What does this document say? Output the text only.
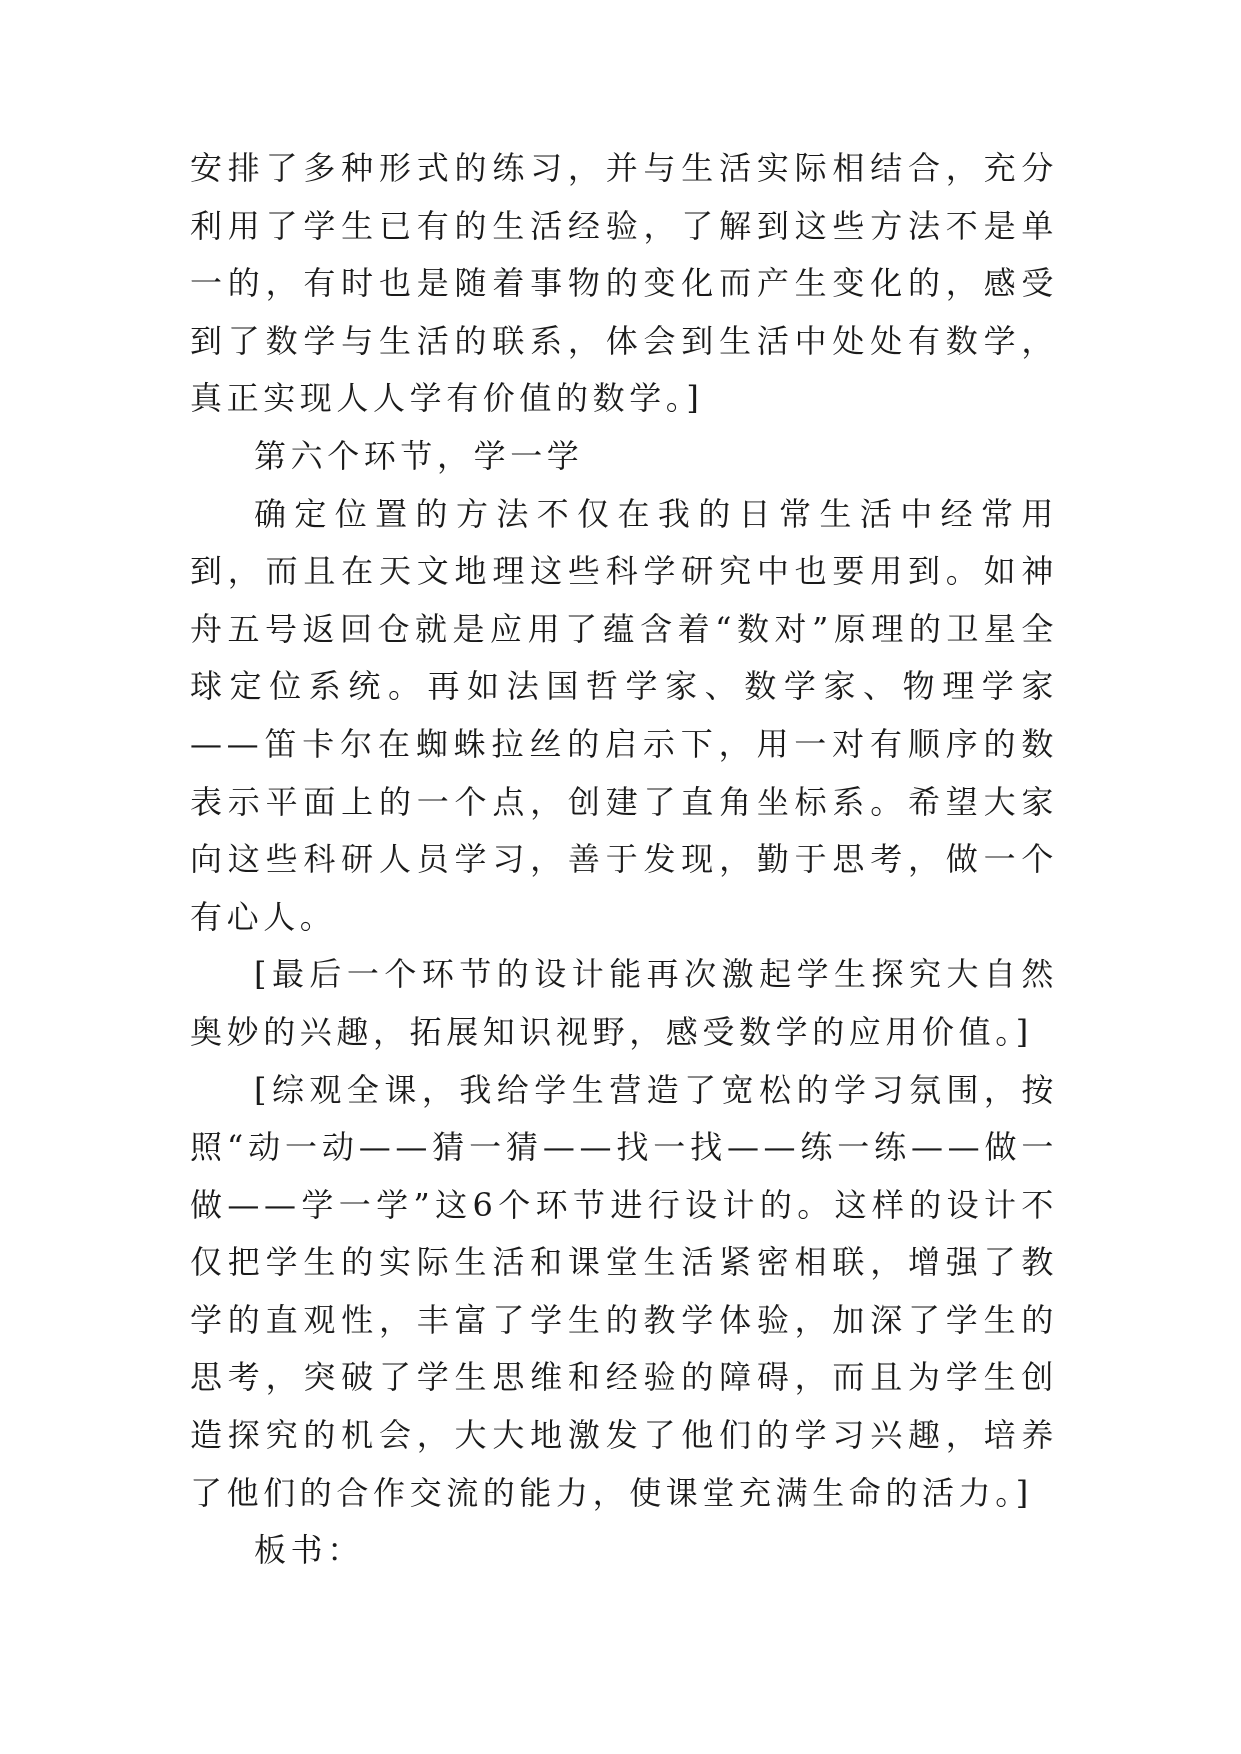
安排了多种形式的练习，并与生活实际相结合，充分利用了学生已有的生活经验，了解到这些方法不是单一的，有时也是随着事物的变化而产生变化的，感受到了数学与生活的联系，体会到生活中处处有数学，真正实现人人学有价值的数学。]

第六个环节，学一学

确定位置的方法不仅在我的日常生活中经常用到，而且在天文地理这些科学研究中也要用到。如神舟五号返回仓就是应用了蕴含着“数对”原理的卫星全球定位系统。再如法国哲学家、数学家、物理学家——笛卡尔在蜘蛛拉丝的启示下，用一对有顺序的数表示平面上的一个点，创建了直角坐标系。希望大家向这些科研人员学习，善于发现，勤于思考，做一个有心人。

[最后一个环节的设计能再次激起学生探究大自然奥妙的兴趣，拓展知识视野，感受数学的应用价值。]

[综观全课，我给学生营造了宽松的学习氛围，按照“动一动——猜一猜——找一找——练一练——做一做——学一学”这6个环节进行设计的。这样的设计不仅把学生的实际生活和课堂生活紧密相联，增强了教学的直观性，丰富了学生的教学体验，加深了学生的思考，突破了学生思维和经验的障碍，而且为学生创造探究的机会，大大地激发了他们的学习兴趣，培养了他们的合作交流的能力，使课堂充满生命的活力。]

板书：
